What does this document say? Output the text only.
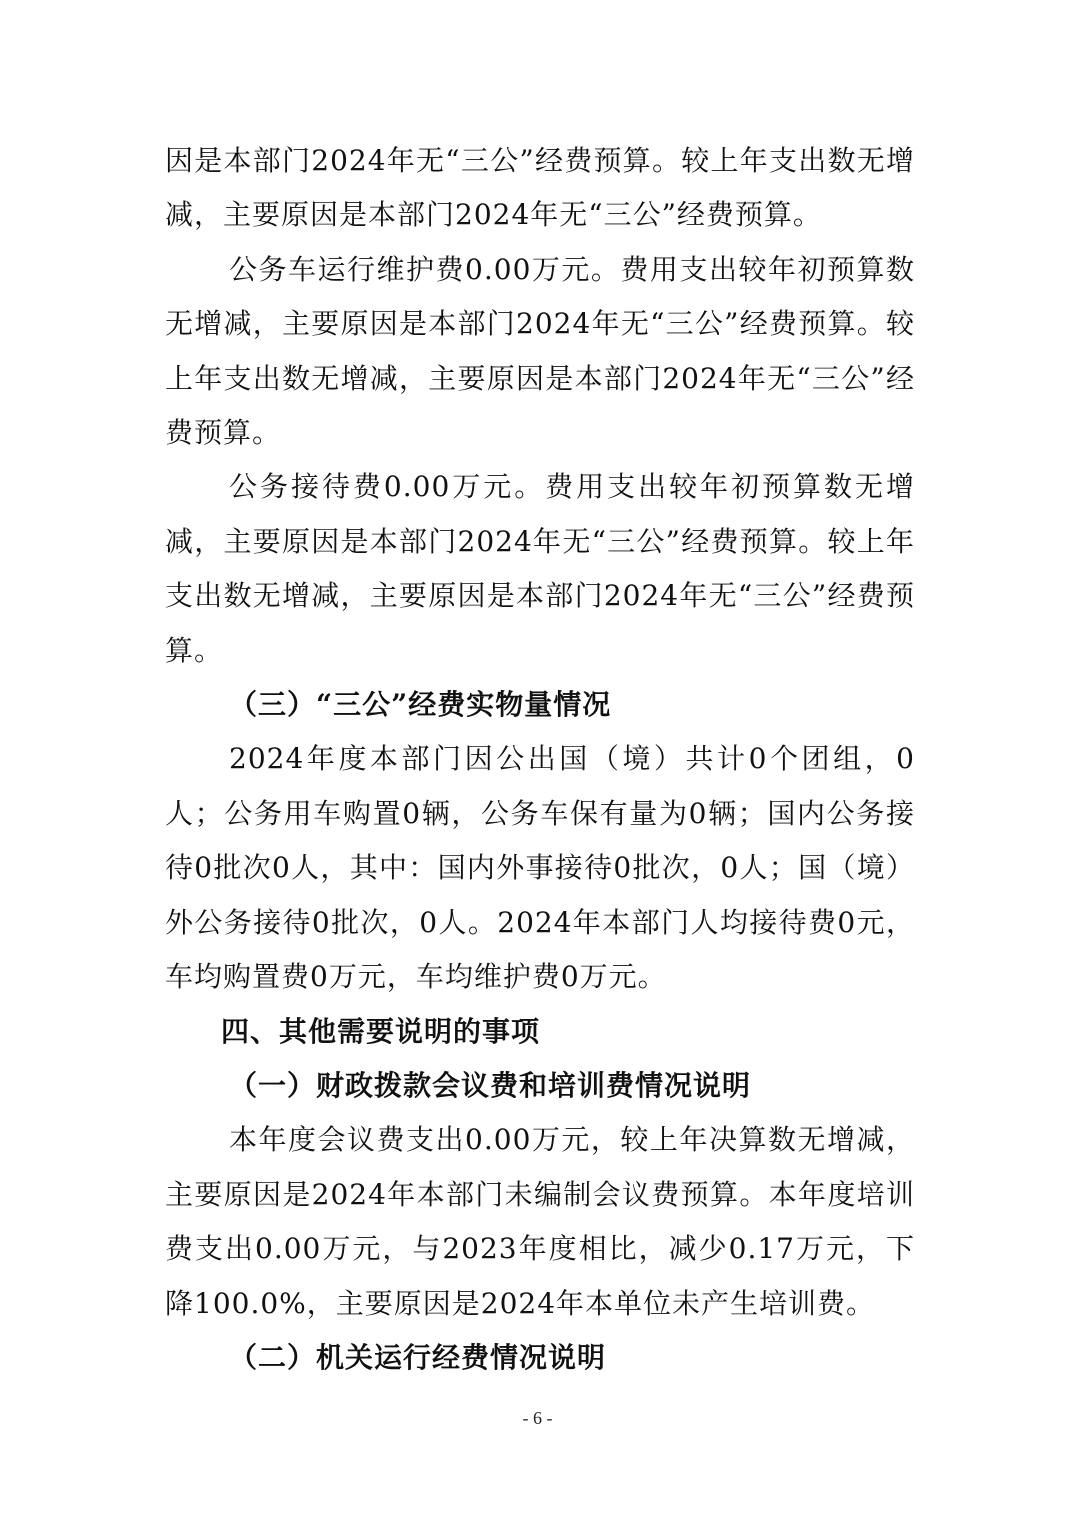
因是本部门2024年无“三公”经费预算。较上年支出数无增减，主要原因是本部门2024年无“三公”经费预算。

公务车运行维护费0.00万元。费用支出较年初预算数无增减，主要原因是本部门2024年无“三公”经费预算。较上年支出数无增减，主要原因是本部门2024年无“三公”经费预算。

公务接待费0.00万元。费用支出较年初预算数无增减，主要原因是本部门2024年无“三公”经费预算。较上年支出数无增减，主要原因是本部门2024年无“三公”经费预算。

（三）“三公”经费实物量情况

2024年度本部门因公出国（境）共计0个团组，0人；公务用车购置0辆，公务车保有量为0辆；国内公务接待0批次0人，其中：国内外事接待0批次，0人；国（境）外公务接待0批次，0人。2024年本部门人均接待费0元，车均购置费0万元，车均维护费0万元。

四、其他需要说明的事项

（一）财政拨款会议费和培训费情况说明

本年度会议费支出0.00万元，较上年决算数无增减，主要原因是2024年本部门未编制会议费预算。本年度培训费支出0.00万元，与2023年度相比，减少0.17万元，下降100.0%，主要原因是2024年本单位未产生培训费。

（二）机关运行经费情况说明

- 6 -
